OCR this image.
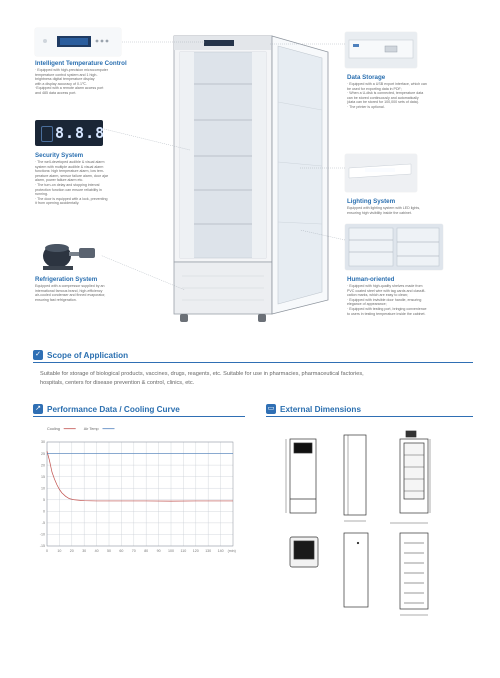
Intelligent Temperature Control
· Equipped with high-precision microcomputer
temperature control system and 1 high-
brightness digital temperature display
with a display accuracy of 0.1℃.
·Equipped with a remote alarm access port
and 485 data access port.
8.8.8
Security System
· The well-developed audible & visual alarm
system with multiple audible & visual alarm
functions: high temperature alarm, low tem-
perature alarm, sensor failure alarm, door ajar
alarm, power failure alarm etc.
· The turn-on delay and stopping interval
protection function can ensure reliability in
running.
· The door is equipped with a lock, preventing
it from opening accidentally.
Refrigeration System
Equipped with a compressor supplied by an
international famous brand, high-efficiency
air-cooled condenser and finned evaporator,
ensuring fast refrigeration.
Data Storage
· Equipped with a USB export interface, which can
be used for exporting data in PDF;
· When a U-disk is connected, temperature data
can be stored continuously and automatically
(data can be stored for 100,000 sets of data).
· The printer is optional.
Lighting System
Equipped with lighting system with LED lights,
ensuring high visibility inside the cabinet.
Human-oriented
· Equipped with high-quality shelves made from
PVC coated steel wire with tag cards and classifi-
cation marks, which are easy to clean;
· Equipped with invisible door handle, ensuring
elegance of appearance;
· Equipped with testing port, bringing convenience
to users in testing temperature inside the cabinet.
✓ Scope of Application
Suitable for storage of biological products, vaccines, drugs, reagents, etc. Suitable for use in pharmacies, pharmaceutical factories,
hospitals, centers for disease prevention & control, clinics, etc.
↗ Performance Data / Cooling Curve
-15
-10
-5
0
5
10
15
20
25
30
0	10 20 30 40 50 60 70 80 90 100 110 120 130 140 (min)
Cooling	Air Temp
▭ External Dimensions
